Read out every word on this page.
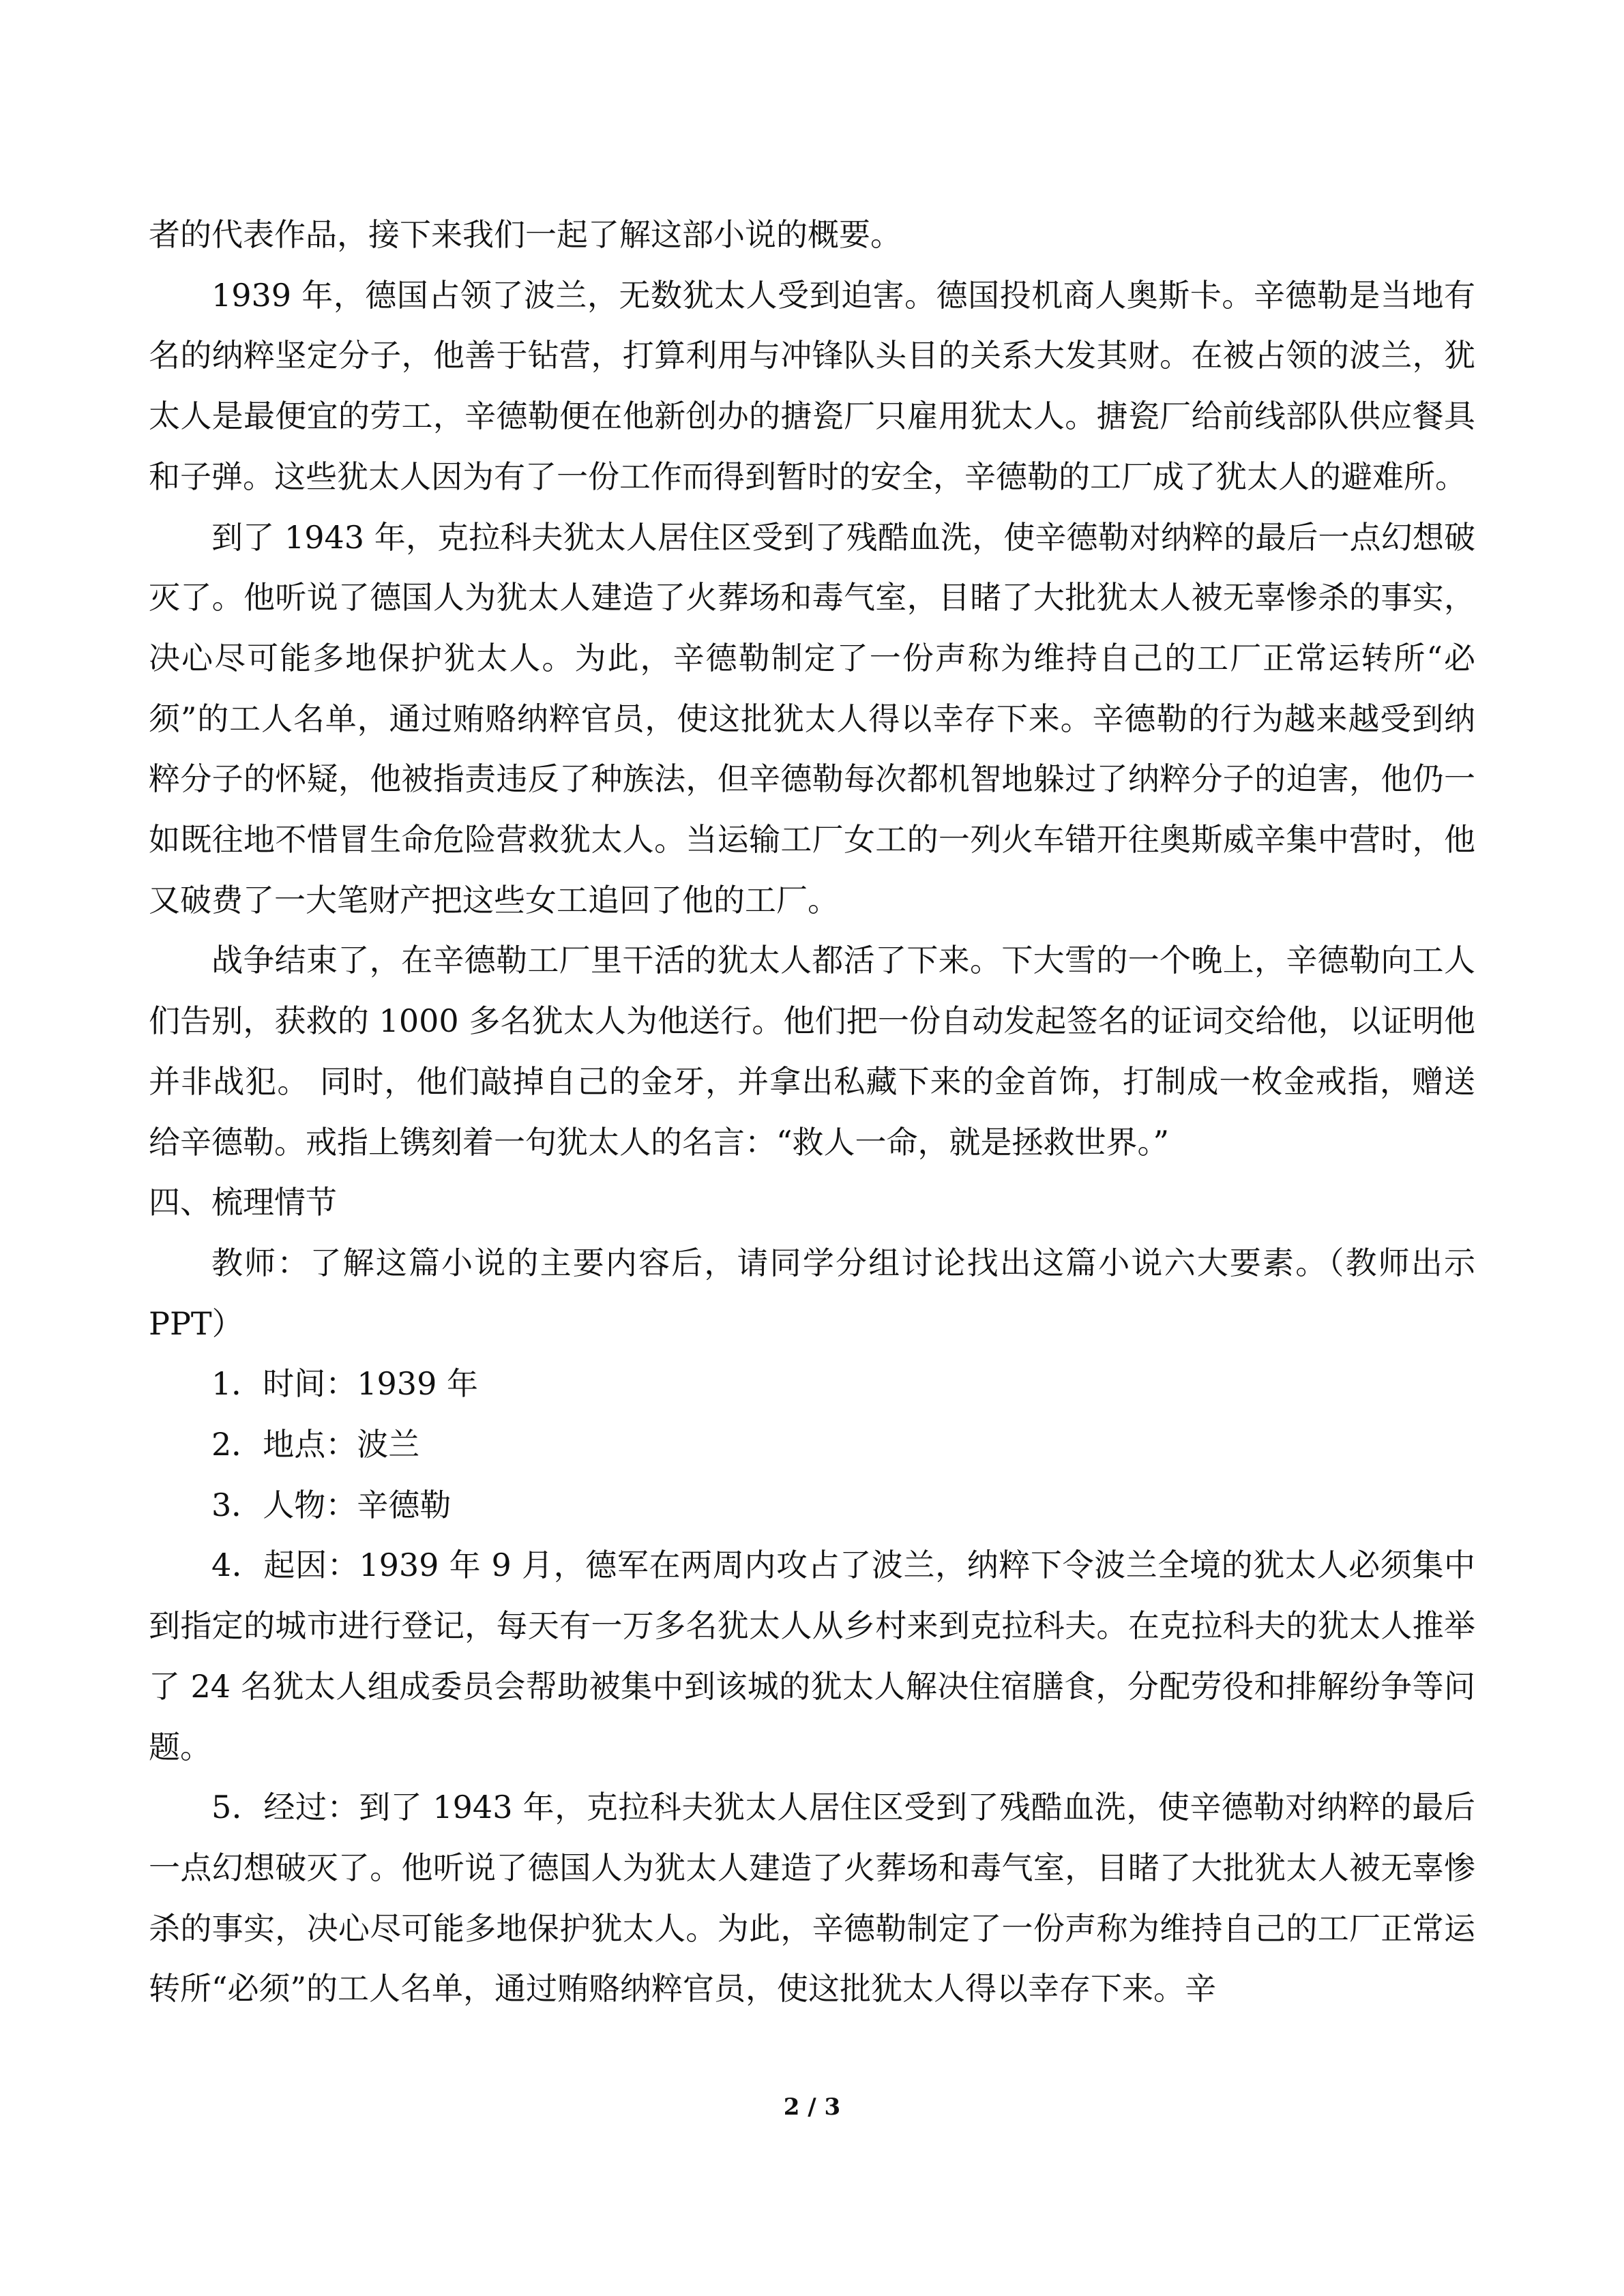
者的代表作品，接下来我们一起了解这部小说的概要。

1939 年，德国占领了波兰，无数犹太人受到迫害。德国投机商人奥斯卡。辛德勒是当地有名的纳粹坚定分子，他善于钻营，打算利用与冲锋队头目的关系大发其财。在被占领的波兰，犹太人是最便宜的劳工，辛德勒便在他新创办的搪瓷厂只雇用犹太人。搪瓷厂给前线部队供应餐具和子弹。这些犹太人因为有了一份工作而得到暂时的安全，辛德勒的工厂成了犹太人的避难所。

到了 1943 年，克拉科夫犹太人居住区受到了残酷血洗，使辛德勒对纳粹的最后一点幻想破灭了。他听说了德国人为犹太人建造了火葬场和毒气室，目睹了大批犹太人被无辜惨杀的事实，决心尽可能多地保护犹太人。为此，辛德勒制定了一份声称为维持自己的工厂正常运转所“必须”的工人名单，通过贿赂纳粹官员，使这批犹太人得以幸存下来。辛德勒的行为越来越受到纳粹分子的怀疑，他被指责违反了种族法，但辛德勒每次都机智地躲过了纳粹分子的迫害，他仍一如既往地不惜冒生命危险营救犹太人。当运输工厂女工的一列火车错开往奥斯威辛集中营时，他又破费了一大笔财产把这些女工追回了他的工厂。

战争结束了，在辛德勒工厂里干活的犹太人都活了下来。下大雪的一个晚上，辛德勒向工人们告别，获救的 1000 多名犹太人为他送行。他们把一份自动发起签名的证词交给他，以证明他并非战犯。 同时，他们敲掉自己的金牙，并拿出私藏下来的金首饰，打制成一枚金戒指，赠送给辛德勒。戒指上镌刻着一句犹太人的名言：“救人一命，就是拯救世界。”

四、梳理情节

教师：了解这篇小说的主要内容后，请同学分组讨论找出这篇小说六大要素。（教师出示 PPT）

1．时间：1939 年

2．地点：波兰

3．人物：辛德勒

4．起因：1939 年 9 月，德军在两周内攻占了波兰，纳粹下令波兰全境的犹太人必须集中到指定的城市进行登记，每天有一万多名犹太人从乡村来到克拉科夫。在克拉科夫的犹太人推举了 24 名犹太人组成委员会帮助被集中到该城的犹太人解决住宿膳食，分配劳役和排解纷争等问题。

5．经过：到了 1943 年，克拉科夫犹太人居住区受到了残酷血洗，使辛德勒对纳粹的最后一点幻想破灭了。他听说了德国人为犹太人建造了火葬场和毒气室，目睹了大批犹太人被无辜惨杀的事实，决心尽可能多地保护犹太人。为此，辛德勒制定了一份声称为维持自己的工厂正常运转所“必须”的工人名单，通过贿赂纳粹官员，使这批犹太人得以幸存下来。辛

2 / 3
